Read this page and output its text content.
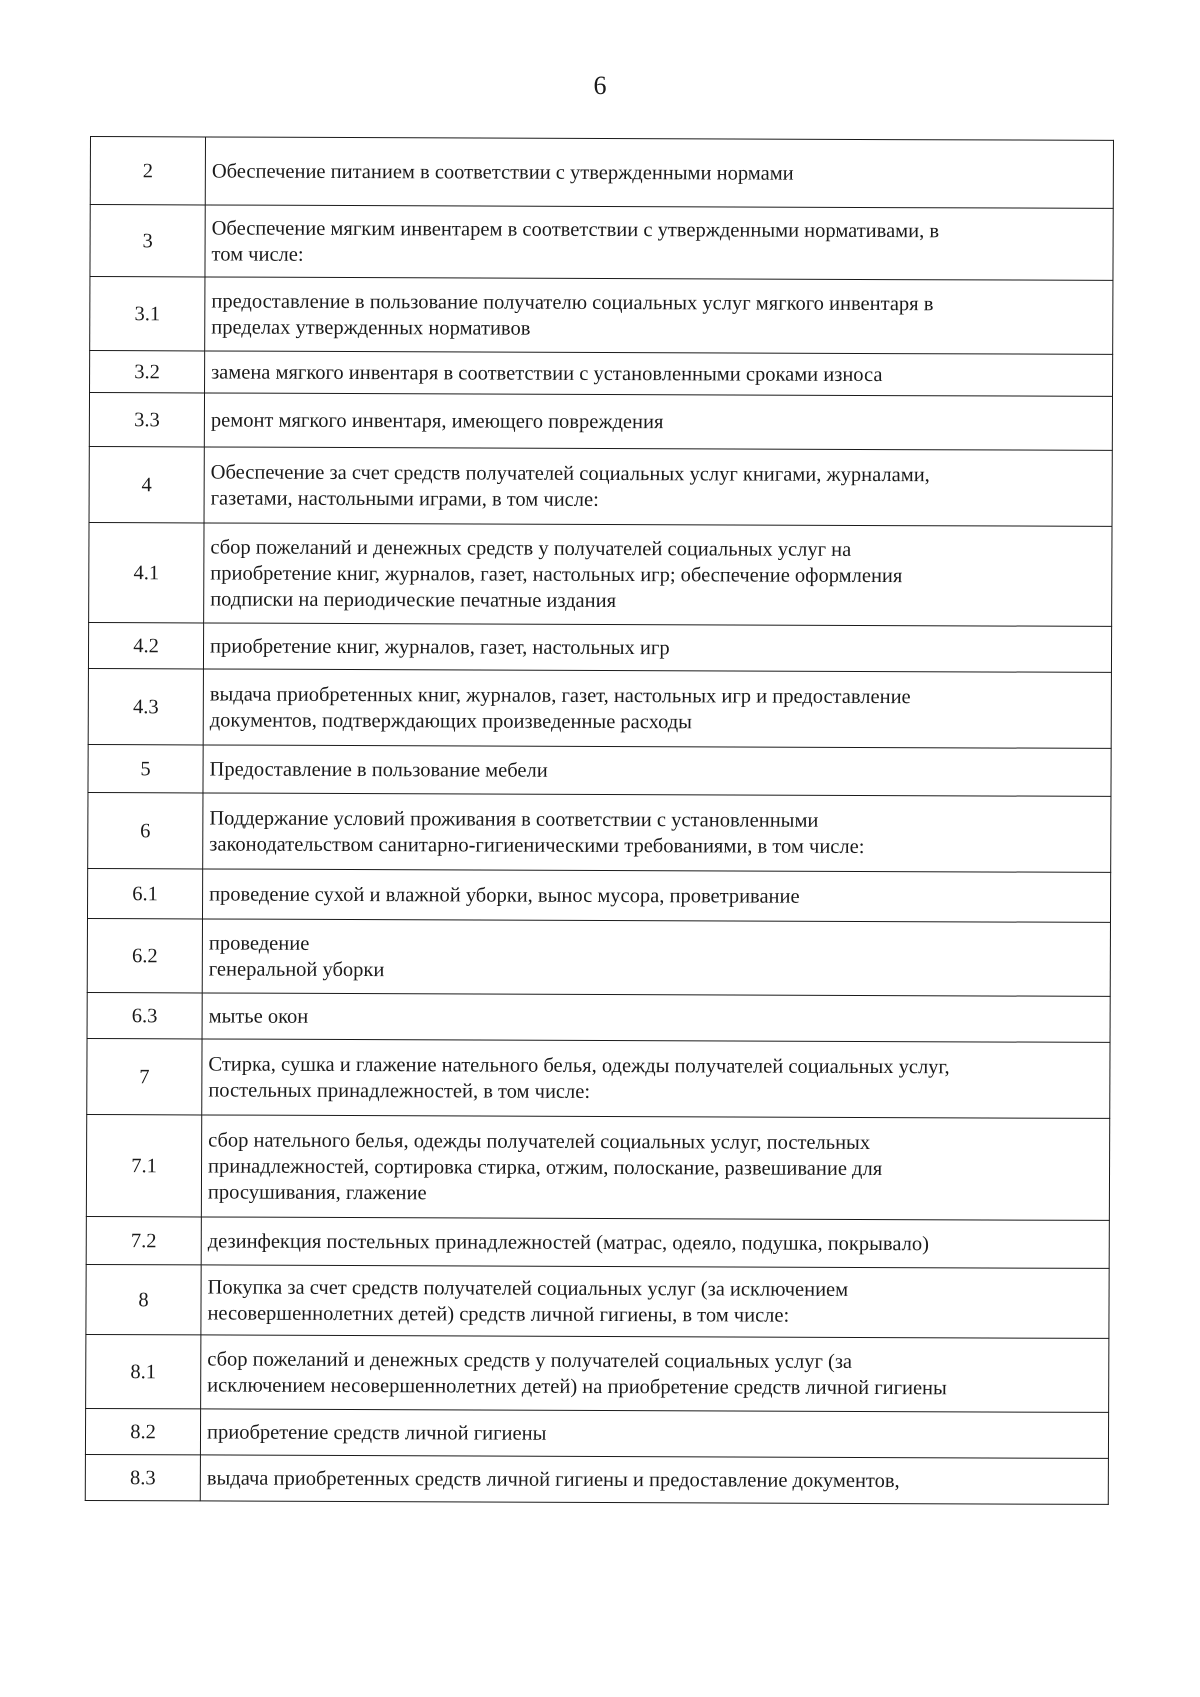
6
2	Обеспечение питанием в соответствии с утвержденными нормами
3	Обеспечение мягким инвентарем в соответствии с утвержденными нормативами, в
том числе:
3.1	предоставление в пользование получателю социальных услуг мягкого инвентаря в
пределах утвержденных нормативов
3.2	замена мягкого инвентаря в соответствии с установленными сроками износа
3.3	ремонт мягкого инвентаря, имеющего повреждения
4	Обеспечение за счет средств получателей социальных услуг книгами, журналами,
газетами, настольными играми, в том числе:
4.1	сбор пожеланий и денежных средств у получателей социальных услуг на
приобретение книг, журналов, газет, настольных игр; обеспечение оформления
подписки на периодические печатные издания
4.2	приобретение книг, журналов, газет, настольных игр
4.3	выдача приобретенных книг, журналов, газет, настольных игр и предоставление
документов, подтверждающих произведенные расходы
5	Предоставление в пользование мебели
6	Поддержание условий проживания в соответствии с установленными
законодательством санитарно-гигиеническими требованиями, в том числе:
6.1	проведение сухой и влажной уборки, вынос мусора, проветривание
6.2	проведение
генеральной уборки
6.3	мытье окон
7	Стирка, сушка и глажение нательного белья, одежды получателей социальных услуг,
постельных принадлежностей, в том числе:
7.1	сбор нательного белья, одежды получателей социальных услуг, постельных
принадлежностей, сортировка стирка, отжим, полоскание, развешивание для
просушивания, глажение
7.2	дезинфекция постельных принадлежностей (матрас, одеяло, подушка, покрывало)
8	Покупка за счет средств получателей социальных услуг (за исключением
несовершеннолетних детей) средств личной гигиены, в том числе:
8.1	сбор пожеланий и денежных средств у получателей социальных услуг (за
исключением несовершеннолетних детей) на приобретение средств личной гигиены
8.2	приобретение средств личной гигиены
8.3	выдача приобретенных средств личной гигиены и предоставление документов,
